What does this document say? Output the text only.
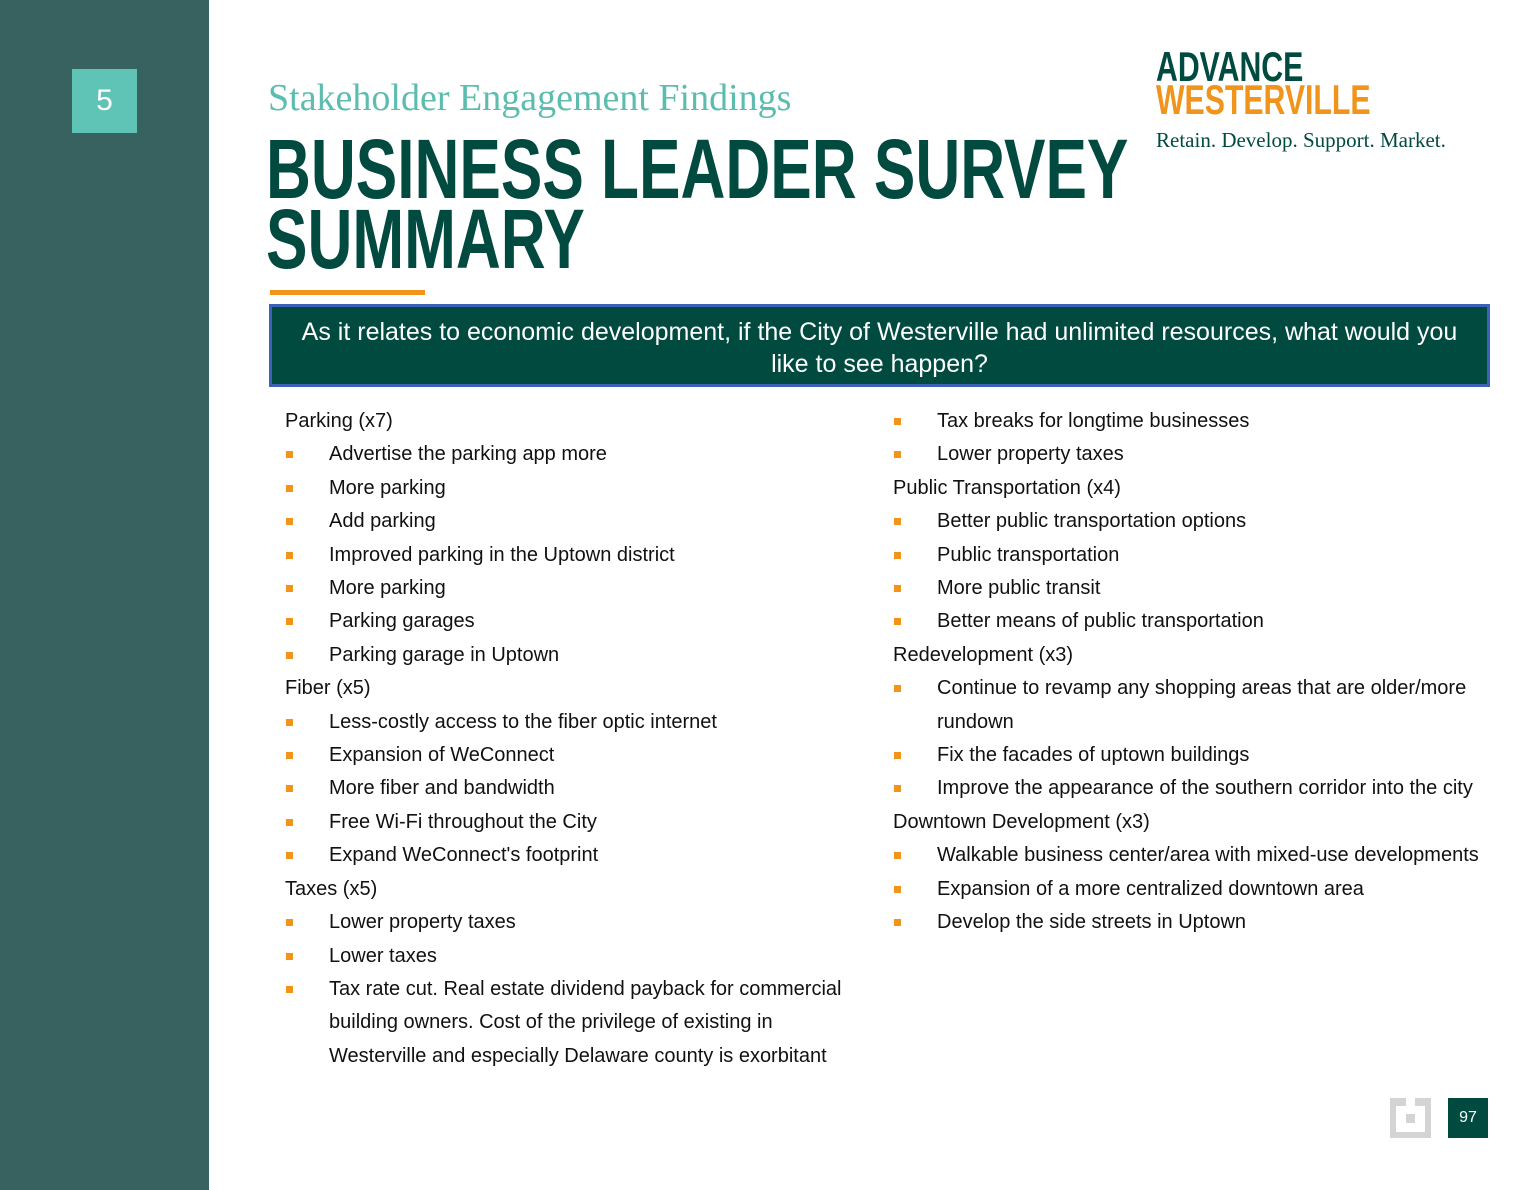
5	Stakeholder Engagement Findings
BUSINESS LEADER SURVEY
SUMMARY
ADVANCE
WESTERVILLE
Retain. Develop. Support. Market.
As it relates to economic development, if the City of Westerville had unlimited resources, what would you like to see happen?
Parking (x7)
Advertise the parking app more
More parking
Add parking
Improved parking in the Uptown district
More parking
Parking garages
Parking garage in Uptown
Fiber (x5)
Less-costly access to the fiber optic internet
Expansion of WeConnect
More fiber and bandwidth
Free Wi-Fi throughout the City
Expand WeConnect's footprint
Taxes (x5)
Lower property taxes
Lower taxes
Tax rate cut. Real estate dividend payback for commercial building owners. Cost of the privilege of existing in Westerville and especially Delaware county is exorbitant
Tax breaks for longtime businesses
Lower property taxes
Public Transportation (x4)
Better public transportation options
Public transportation
More public transit
Better means of public transportation
Redevelopment (x3)
Continue to revamp any shopping areas that are older/more rundown
Fix the facades of uptown buildings
Improve the appearance of the southern corridor into the city
Downtown Development (x3)
Walkable business center/area with mixed-use developments
Expansion of a more centralized downtown area
Develop the side streets in Uptown
97
